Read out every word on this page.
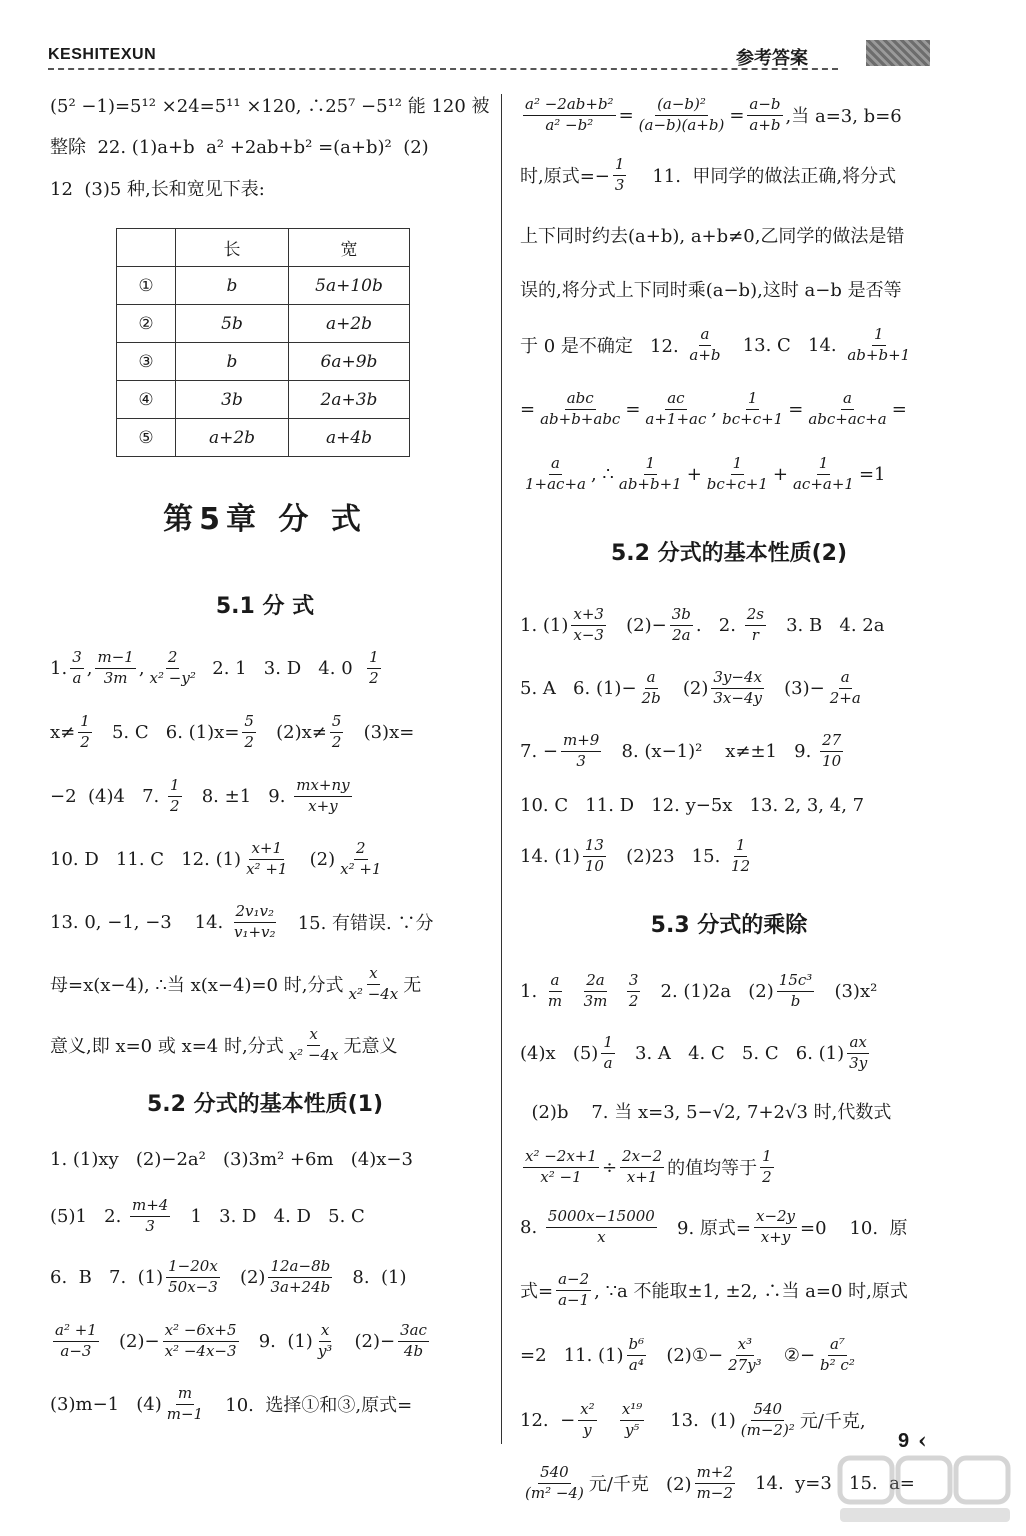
KESHITEXUN	参考答案
(5² −1)=5¹² ×24=5¹¹ ×120, ∴25⁷ −5¹² 能 120 被
整除  22. (1)a+b  a² +2ab+b² =(a+b)²  (2)
12  (3)5 种,长和宽见下表:
	长	宽
①	b	5a+10b
②	5b	a+2b
③	b	6a+9b
④	3b	2a+3b
⑤	a+2b	a+4b
第5章 分 式
5.1 分 式
1. $\frac{3}{a}$ , $\frac{m-1}{3m}$ , $\frac{2}{\text{x² −y²}} 2$. 1   3. D   4. $0 \frac{1}{2}$
$x\ne \frac{1}{2} 5$. C   6. $(1)x= \frac{5}{2} (2)x\ne \frac{5}{2} (3)x=$
−2  (4)4   7. $\frac{1}{2} 8$. ±1   9. $\frac{mx+ny}{x+y}$
10. D   11. C   12. $(1) \frac{x+1}{\text{x² +1}} (2) \frac{2}{\text{x² +1}}$
13. 0, −1, −3    14. $\frac{\text{2v₁v₂}}{\text{v₁+v₂}} 15$. 有错误. ∵分
母=x(x−4), ∴当 x(x−4)=0 时,分式 $\frac{x}{\text{x² −4x}}$ 无
意义,即 x=0 或 x=4 时,分式 $\frac{x}{\text{x² −4x}}$ 无意义
5.2 分式的基本性质(1)
1. (1)xy   (2)−2a²   (3)3m² +6m   (4)x−3
(5)1   2. $\frac{m+4}{3} 1$   3. D   4. D   5. C
6.  B   7.  $(1) \frac{1-20x}{50x-3} (2) \frac{12a-8b}{3a+24b} 8$.  (1)
$\frac{\text{a² +1}}{a-3} (2)- \frac{\text{x² −6x+5}}{\text{x² −4x−3}} 9$.  $(1) \frac{x}{\text{y³}} (2)- \frac{3ac}{4b}$
(3)m−1   $(4) \frac{m}{m-1} 10$.  选择①和③,原式=
$\frac{\text{a² −2ab+b²}}{\text{a² −b²}} = \frac{\text{(a−b)²}}{(a-b)(a+b)} = \frac{a-b}{a+b}$ ,当 a=3, b=6
时,原式=− $\frac{1}{3} 11$.  甲同学的做法正确,将分式
上下同时约去(a+b), a+b≠0,乙同学的做法是错
误的,将分式上下同时乘(a−b),这时 a−b 是否等
于 0 是不确定   12. $\frac{a}{a+b} 13$. C   14. $\frac{1}{ab+b+1}$
= $\frac{\text{abc}}{\text{ab+b+abc}} = \frac{ac}{a+1+ac}$ , $\frac{1}{bc+c+1} = \frac{a}{\text{abc+ac+a}}$ =
$\frac{a}{1+ac+a}$ , ∴ $\frac{1}{ab+b+1} + \frac{1}{bc+c+1} + \frac{1}{ac+a+1} =1$
5.2 分式的基本性质(2)
1. $(1) \frac{x+3}{x-3} (2)- \frac{3b}{2a}$ .   2. $\frac{2s}{r} 3$. B   4. 2a
5. A   6. $(1)- \frac{a}{2b} (2) \frac{3y-4x}{3x-4y} (3)- \frac{a}{2+a}$
7. − $\frac{m+9}{3} 8$. (x−1)²    x≠±1   9. $\frac{27}{10}$
10. C   11. D   12. y−5x   13. 2, 3, 4, 7
14. $(1) \frac{13}{10} (2)23$   15. $\frac{1}{12}$
5.3 分式的乘除
1. $\frac{a}{m}$
$\frac{2a}{3m}$
$\frac{3}{2} 2$. (1)2a   $(2) \frac{\text{15c³}}{b} (3)x^2$
(4)x   $(5) \frac{1}{a} 3$. A   4. C   5. C   6. $(1) \frac{ax}{3y}$
(2)b    7. 当 x=3, 5−√2, 7+2√3 时,代数式
$\frac{\text{x² −2x+1}}{\text{x² −1}} \div \frac{2x-2}{x+1}$ 的值均等于 $\frac{1}{2}$
8. $\frac{5000x-15000}{x} 9$. 原式= $\frac{x-2y}{x+y} =0$    10.  原
式= $\frac{a-2}{a-1}$ , ∵a 不能取±1, ±2, ∴当 a=0 时,原式
=2   11. $(1) \frac{\text{b⁶}}{\text{a⁴}}$ (2)①− $\frac{\text{x³}}{\text{27y³}}$ ②− $\frac{\text{a⁷}}{\text{b² c²}}$
12.  − $\frac{\text{x²}}{y}$
$\frac{\text{x¹⁹}}{\text{y⁵}} 13$.  $(1) \frac{540}{\text{(m−2)²}}$ 元/千克,
$\frac{540}{\text{(m² −4)}}$ 元/千克   $(2) \frac{m+2}{m-2} 14$.  y=3   15.  a=
9 ‹
